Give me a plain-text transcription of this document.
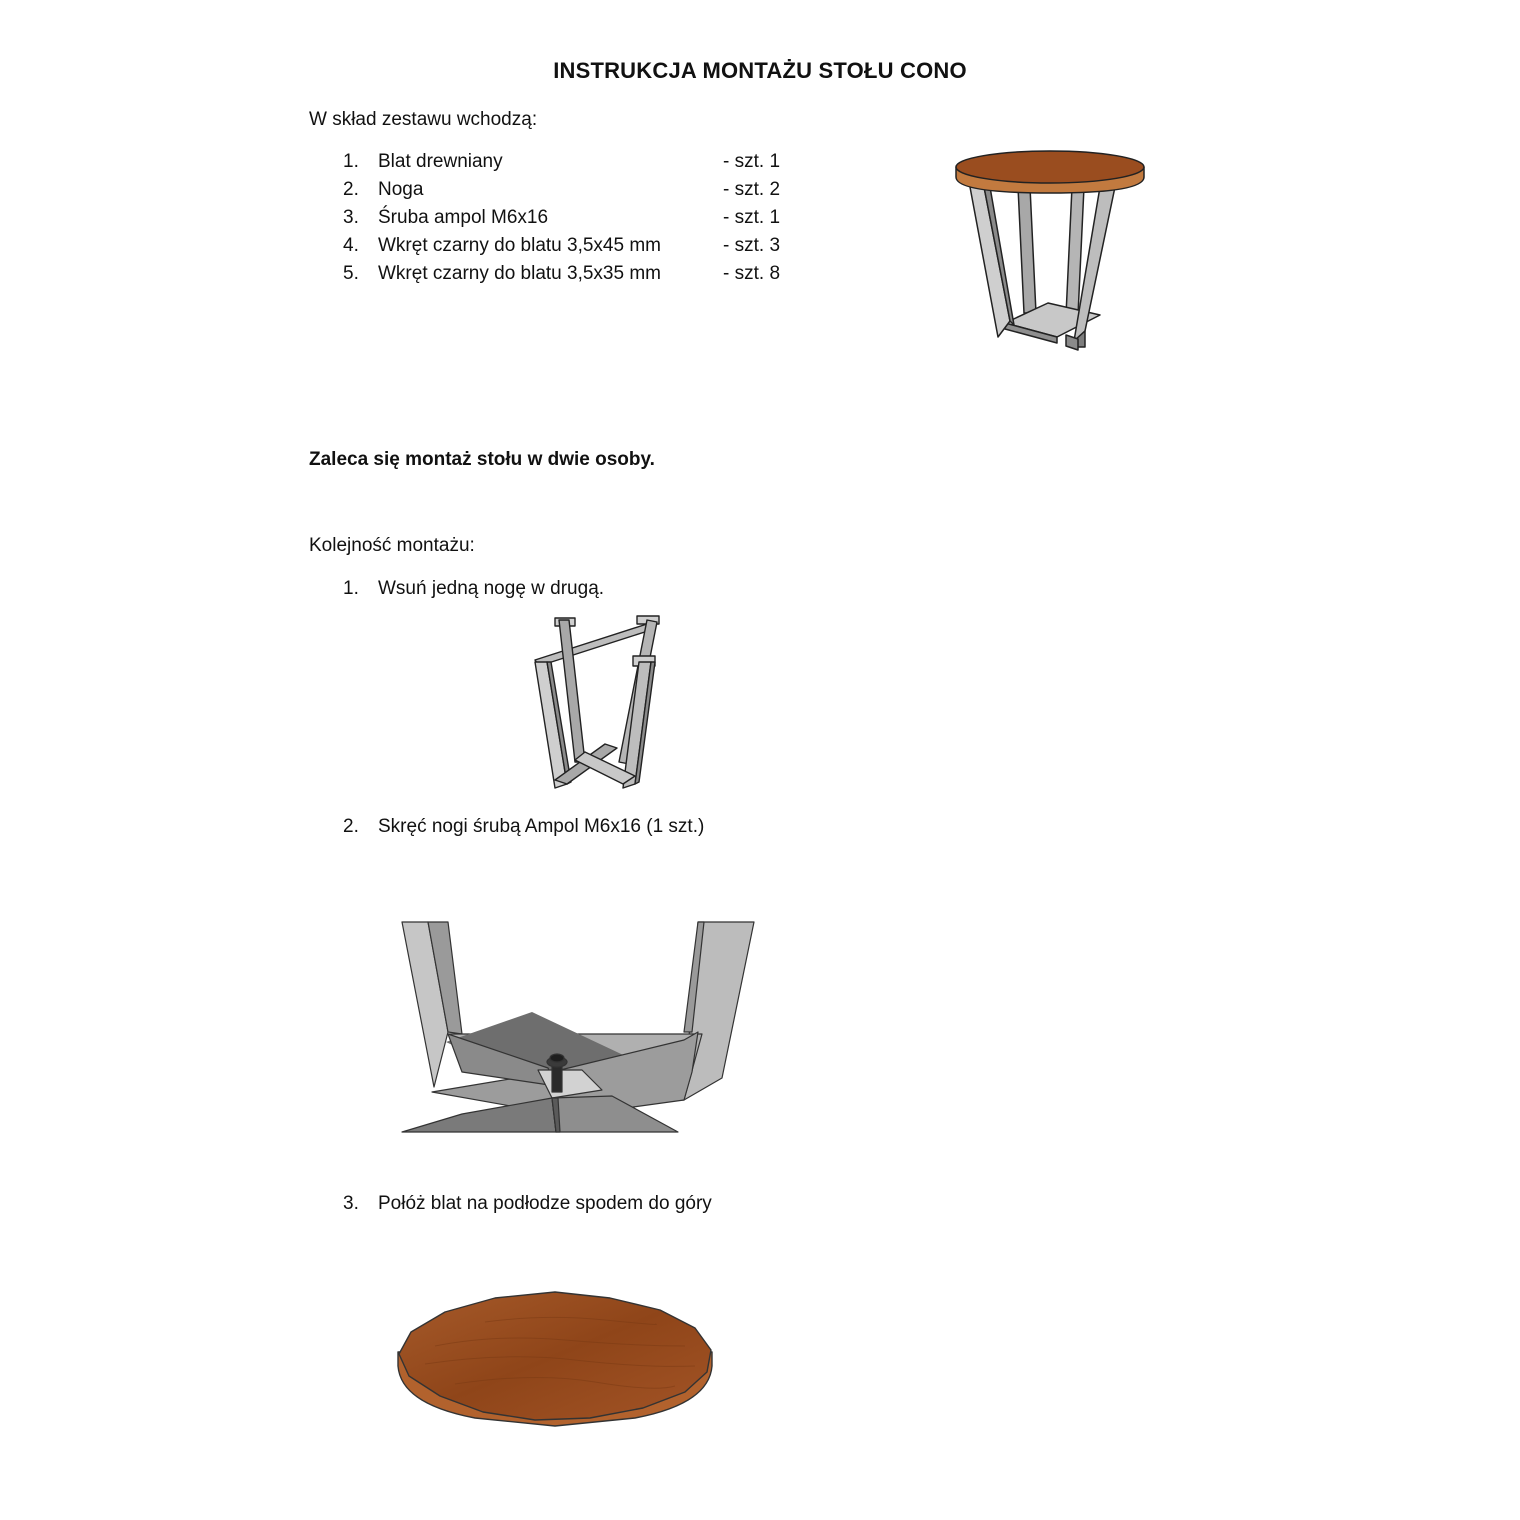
INSTRUKCJA MONTAŻU STOŁU CONO
W skład zestawu wchodzą:
1. Blat drewniany	- szt. 1
2. Noga	- szt. 2
3. Śruba ampol M6x16	- szt. 1
4. Wkręt czarny do blatu 3,5x45 mm	- szt. 3
5. Wkręt czarny do blatu 3,5x35 mm	- szt. 8
Zaleca się montaż stołu w dwie osoby.
Kolejność montażu:
1. Wsuń jedną nogę w drugą.
2. Skręć nogi śrubą Ampol M6x16 (1 szt.)
3. Połóż blat na podłodze spodem do góry
